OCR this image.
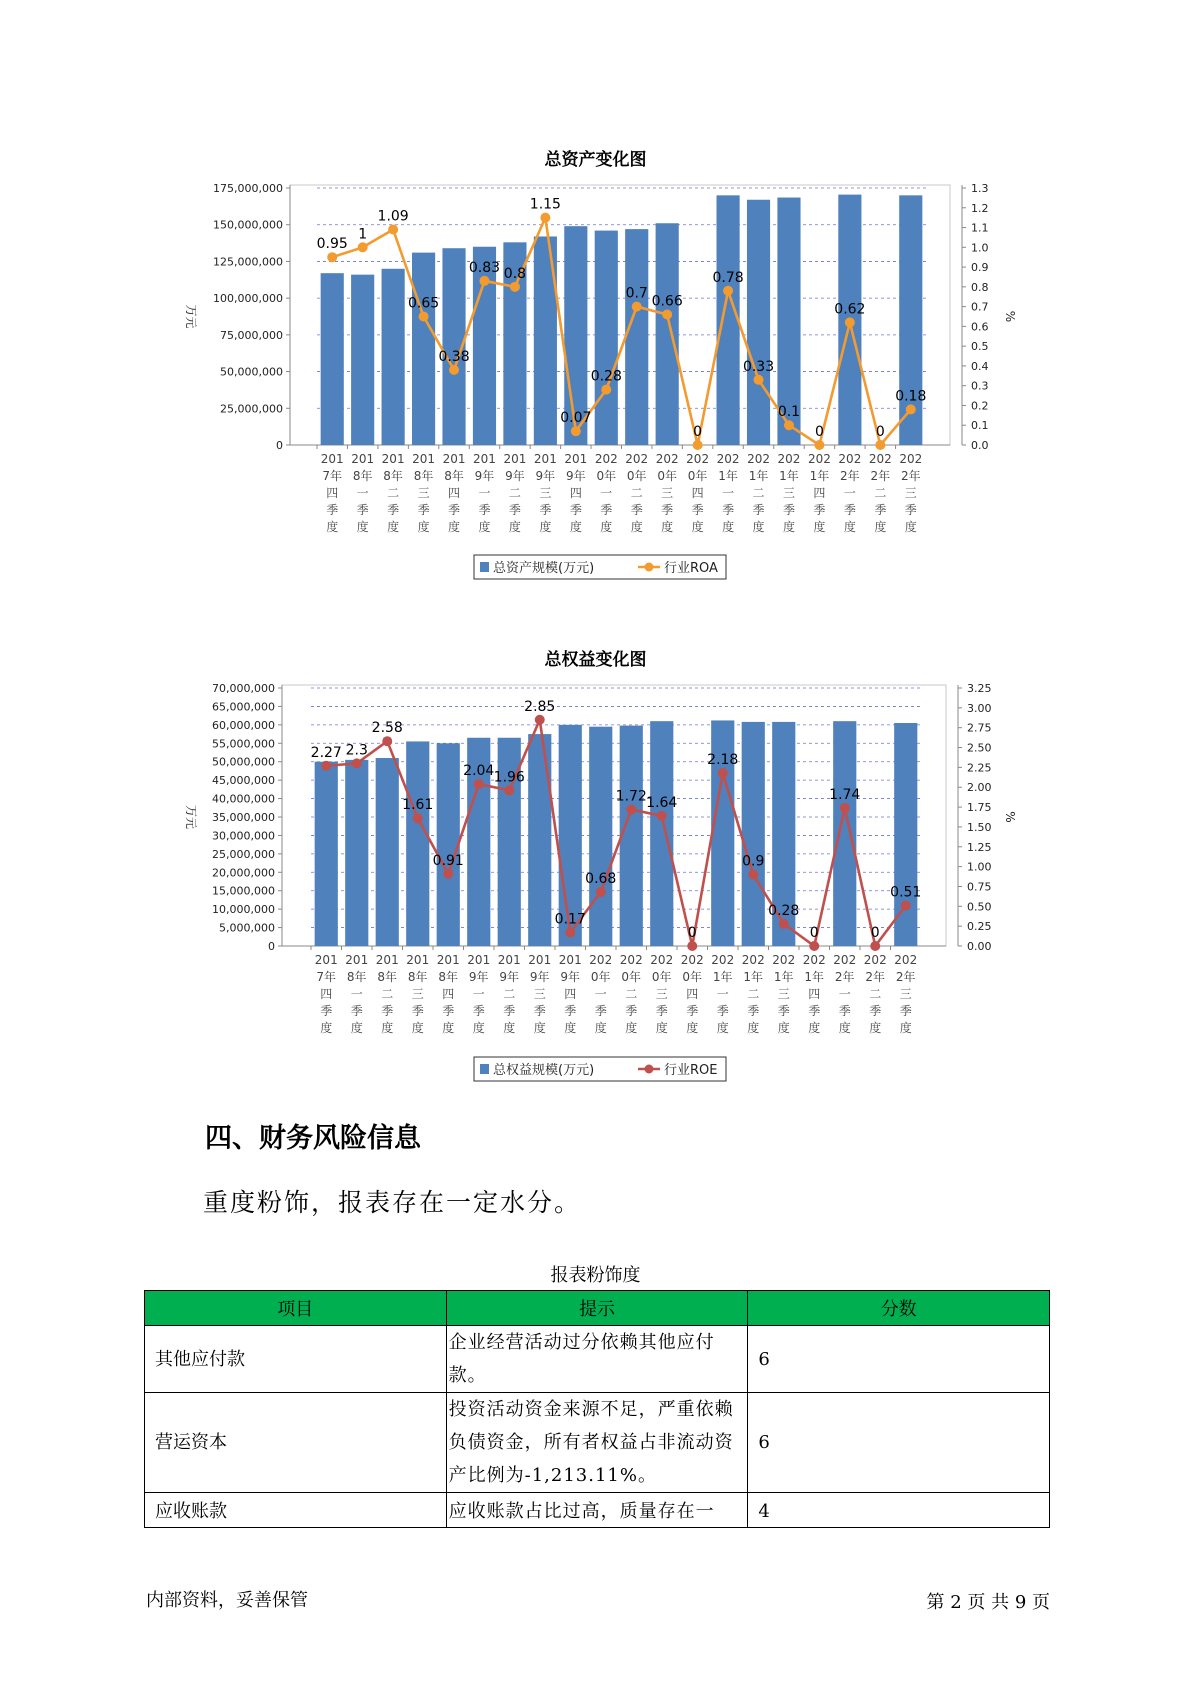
总资产变化图
0
25,000,000
50,000,000
75,000,000
100,000,000
125,000,000
150,000,000
175,000,000
0.0
0.1
0.2
0.3
0.4
0.5
0.6
0.7
0.8
0.9
1.0
1.1
1.2
1.3
万元	%
201
7年
四
季
度
201
8年
一
季
度
201
8年
二
季
度
201
8年
三
季
度
201
8年
四
季
度
201
9年
一
季
度
201
9年
二
季
度
201
9年
三
季
度
201
9年
四
季
度
202
0年
一
季
度
202
0年
二
季
度
202
0年
三
季
度
202
0年
四
季
度
202
1年
一
季
度
202
1年
二
季
度
202
1年
三
季
度
202
1年
四
季
度
202
2年
一
季
度
202
2年
二
季
度
202
2年
三
季
度
0.95
1
1.09
0.65
0.38
0.83 0.8
1.15
0.07
0.28
0.7 0.66
0
0.78
0.33
0.1
0
0.62
0
0.18
总资产规模(万元)	行业ROA
总权益变化图
0
5,000,000
10,000,000
15,000,000
20,000,000
25,000,000
30,000,000
35,000,000
40,000,000
45,000,000
50,000,000
55,000,000
60,000,000
65,000,000
70,000,000
0.00
0.25
0.50
0.75
1.00
1.25
1.50
1.75
2.00
2.25
2.50
2.75
3.00
3.25
万元	%
201
7年
四
季
度
201
8年
一
季
度
201
8年
二
季
度
201
8年
三
季
度
201
8年
四
季
度
201
9年
一
季
度
201
9年
二
季
度
201
9年
三
季
度
201
9年
四
季
度
202
0年
一
季
度
202
0年
二
季
度
202
0年
三
季
度
202
0年
四
季
度
202
1年
一
季
度
202
1年
二
季
度
202
1年
三
季
度
202
1年
四
季
度
202
2年
一
季
度
202
2年
二
季
度
202
2年
三
季
度
2.27 2.3
2.58
1.61
0.91
2.04 1.96
2.85
0.17
0.68
1.72 1.64
0
2.18
0.9
0.28
0
1.74
0
0.51
总权益规模(万元)	行业ROE
四、财务风险信息
重度粉饰，报表存在一定水分。
报表粉饰度
项目	提示	分数
其他应付款	企业经营活动过分依赖其他应付款。	6
营运资本	投资活动资金来源不足，严重依赖负债资金，所有者权益占非流动资产比例为-1,213.11%。	6

应收账款	应收账款占比过高，质量存在一	4
内部资料，妥善保管	第 2 页 共 9 页
